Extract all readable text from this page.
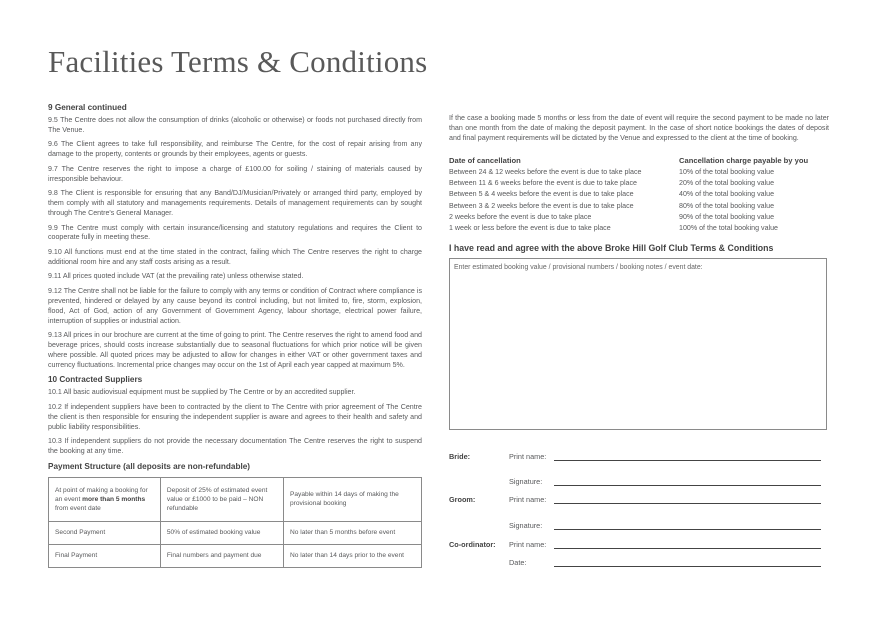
Facilities Terms & Conditions
9 General continued

9.5 The Centre does not allow the consumption of drinks (alcoholic or otherwise) or foods not purchased directly from The Venue.

9.6 The Client agrees to take full responsibility, and reimburse The Centre, for the cost of repair arising from any damage to the property, contents or grounds by their employees, agents or guests.

9.7 The Centre reserves the right to impose a charge of £100.00 for soiling / staining of materials caused by irresponsible behaviour.

9.8 The Client is responsible for ensuring that any Band/DJ/Musician/Privately or arranged third party, employed by them comply with all statutory and managements requirements. Details of management requirements can by sought through The Centre's General Manager.

9.9 The Centre must comply with certain insurance/licensing and statutory regulations and requires the Client to cooperate fully in meeting these.

9.10 All functions must end at the time stated in the contract, failing which The Centre reserves the right to charge additional room hire and any staff costs arising as a result.

9.11 All prices quoted include VAT (at the prevailing rate) unless otherwise stated.

9.12 The Centre shall not be liable for the failure to comply with any terms or condition of Contract where compliance is prevented, hindered or delayed by any cause beyond its control including, but not limited to, fire, storm, explosion, flood, Act of God, action of any Government of Government Agency, labour shortage, electrical power failure, interruption of supplies or industrial action.

9.13 All prices in our brochure are current at the time of going to print. The Centre reserves the right to amend food and beverage prices, should costs increase substantially due to seasonal fluctuations for which prior notice will be given where possible. All quoted prices may be adjusted to allow for changes in either VAT or other government taxes and currency fluctuations. Incremental price changes may occur on the 1st of April each year capped at maximum 5%.

10 Contracted Suppliers

10.1 All basic audiovisual equipment must be supplied by The Centre or by an accredited supplier.

10.2 If independent suppliers have been to contracted by the client to The Centre with prior agreement of The Centre the client is then responsible for ensuring the independent supplier is aware and agrees to their health and safety and public liability responsibilities.

10.3 If independent suppliers do not provide the necessary documentation The Centre reserves the right to suspend the booking at any time.

Payment Structure (all deposits are non-refundable)
At point of making a booking for an event more than 5 months from event date	Deposit of 25% of estimated event value or £1000 to be paid – NON refundable	Payable within 14 days of making the provisional booking
Second Payment	50% of estimated booking value	No later than 5 months before event
Final Payment	Final numbers and payment due	No later than 14 days prior to the event

If the case a booking made 5 months or less from the date of event will require the second payment to be made no later than one month from the date of making the deposit payment. In the case of short notice bookings the dates of deposit and final payment requirements will be dictated by the Venue and expressed to the client at the time of booking.

Date of cancellation	Cancellation charge payable by you
Between 24 & 12 weeks before the event is due to take place	10% of the total booking value
Between 11 & 6 weeks before the event is due to take place	20% of the total booking value
Between 5 & 4 weeks before the event is due to take place	40% of the total booking value
Between 3 & 2 weeks before the event is due to take place	80% of the total booking value
2 weeks before the event is due to take place	90% of the total booking value
1 week or less before the event is due to take place	100% of the total booking value
I have read and agree with the above Broke Hill Golf Club Terms & Conditions
Enter estimated booking value / provisional numbers / booking notes / event date:
Bride:	Print name:
Signature:
Groom:	Print name:
Signature:
Co-ordinator: Print name:
Date:
